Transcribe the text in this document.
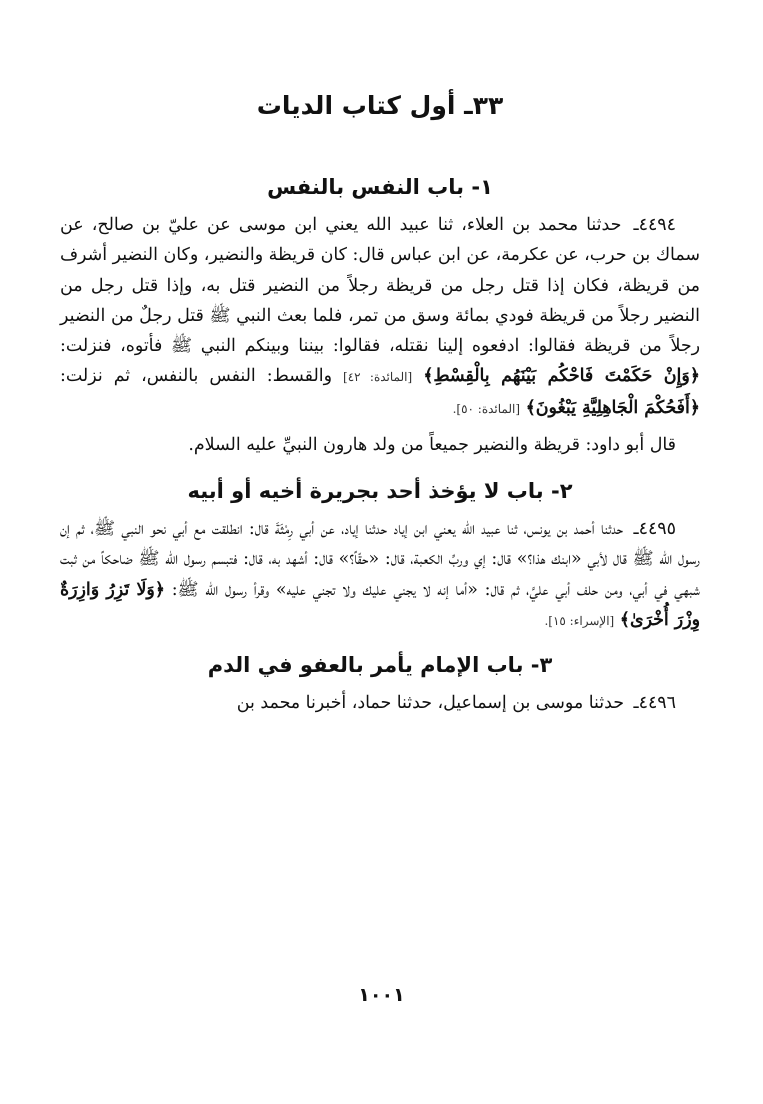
٣٣ـ أول كتاب الديات
١- باب النفس بالنفس

٤٤٩٤ـ حدثنا محمد بن العلاء، ثنا عبيد الله يعني ابن موسى عن عليّ بن صالح، عن سماك بن حرب، عن عكرمة، عن ابن عباس قال: كان قريظة والنضير، وكان النضير أشرف من قريظة، فكان إذا قتل رجل من قريظة رجلاً من النضير قتل به، وإذا قتل رجل من النضير رجلاً من قريظة فودي بمائة وسق من تمر، فلما بعث النبي ﷺ قتل رجلٌ من النضير رجلاً من قريظة فقالوا: ادفعوه إلينا نقتله، فقالوا: بيننا وبينكم النبي ﷺ فأتوه، فنزلت: ﴿وَإِنْ حَكَمْتَ فَاحْكُم بَيْنَهُم بِالْقِسْطِ﴾ [المائدة: ٤٢] والقسط: النفس بالنفس، ثم نزلت: ﴿أَفَحُكْمَ الْجَاهِلِيَّةِ يَبْغُونَ﴾ [المائدة: ٥٠].

قال أبو داود: قريظة والنضير جميعاً من ولد هارون النبيِّ عليه السلام.

٢- باب لا يؤخذ أحد بجريرة أخيه أو أبيه

٤٤٩٥ـ حدثنا أحمد بن يونس، ثنا عبيد الله يعني ابن إياد حدثنا إياد، عن أبي رِمْثَةَ قال: انطلقت مع أبي نحو النبي ﷺ، ثم إن رسول الله ﷺ قال لأبي «ابنك هذا؟» قال: إي وربِّ الكعبة، قال: «حقّاً؟» قال: أشهد به، قال: فتبسم رسول الله ﷺ ضاحكاً من ثبت شبهي في أبي، ومن حلف أبي عليَّ، ثم قال: «أما إنه لا يجني عليك ولا تجني عليه» وقرأ رسول الله ﷺ: ﴿وَلَا تَزِرُ وَازِرَةٌ وِزْرَ أُخْرَىٰ﴾ [الإسراء: ١٥].

٣- باب الإمام يأمر بالعفو في الدم

٤٤٩٦ـ حدثنا موسى بن إسماعيل، حدثنا حماد، أخبرنا محمد بن

١٠٠١
